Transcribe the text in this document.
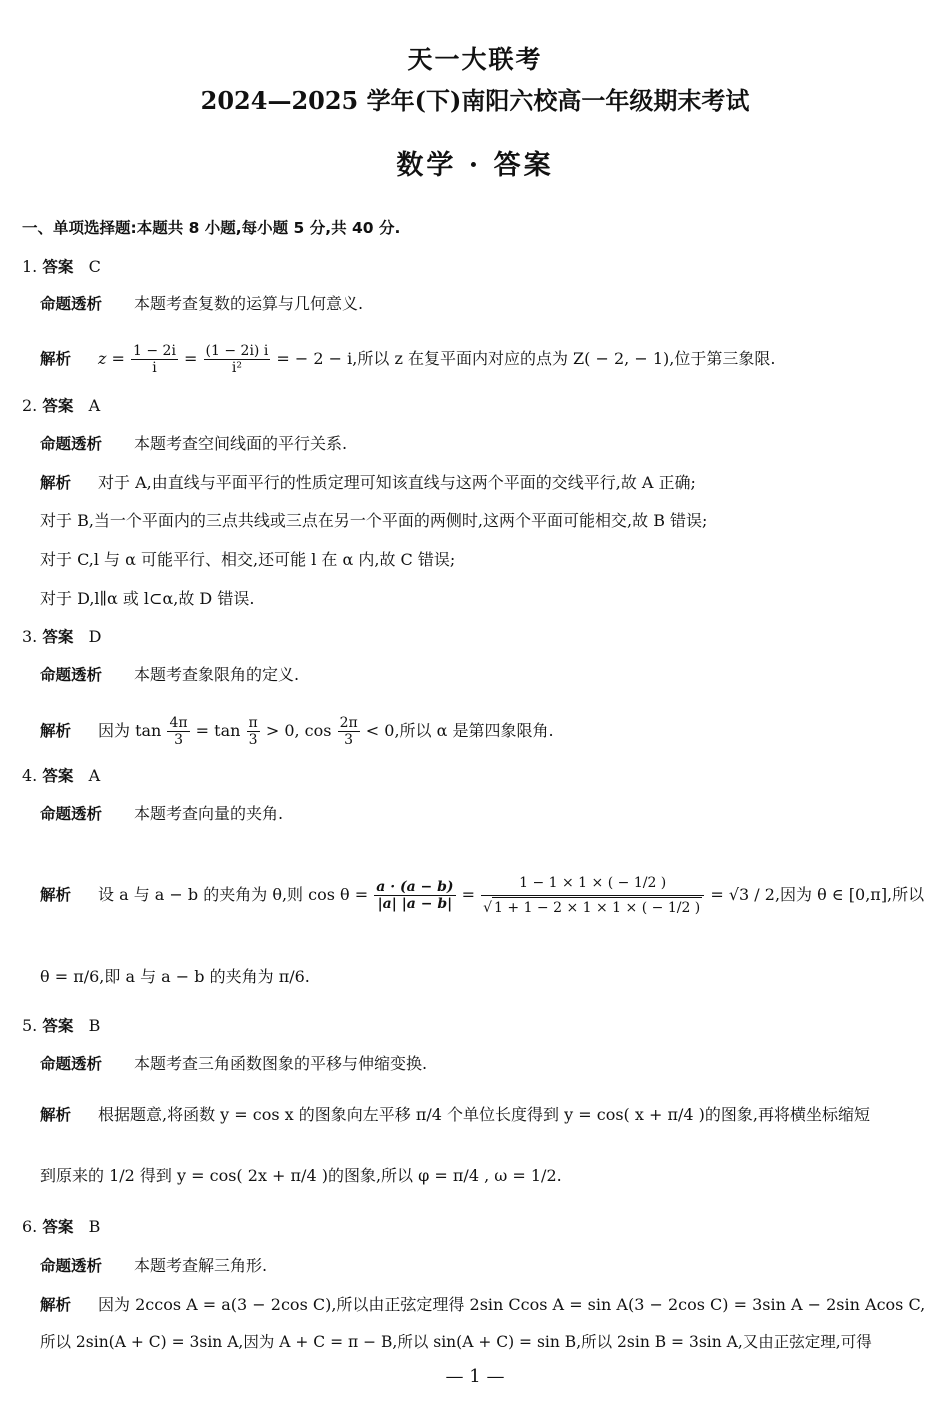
天一大联考
2024—2025 学年(下)南阳六校高一年级期末考试
数学 · 答案
一、单项选择题:本题共 8 小题,每小题 5 分,共 40 分.
1. 答案 C
命题透析 本题考查复数的运算与几何意义.
解析 $z = \frac{1 - 2i}{i} = \frac{(1 - 2i) i}{\text{i²}}$ = − 2 − i,所以 z 在复平面内对应的点为 Z( − 2, − 1),位于第三象限.
2. 答案 A
命题透析 本题考查空间线面的平行关系.
解析 对于 A,由直线与平面平行的性质定理可知该直线与这两个平面的交线平行,故 A 正确;
对于 B,当一个平面内的三点共线或三点在另一个平面的两侧时,这两个平面可能相交,故 B 错误;
对于 C,l 与 α 可能平行、相交,还可能 l 在 α 内,故 C 错误;
对于 D,l∥α 或 l⊂α,故 D 错误.
3. 答案 D
命题透析 本题考查象限角的定义.
解析 因为 $\tan \frac{4\pi}{3} = \tan \frac{\pi}{3} > 0$, $\cos \frac{2\pi}{3} < 0$,所以 α 是第四象限角.
4. 答案 A
命题透析 本题考查向量的夹角.
解析 设 a 与 a − b 的夹角为 θ,则 $\cos \theta = \frac{a \cdot (a - b)}{|a| |a - b|} = \frac{1 - 1 \times 1 \times ( - 1/2 )}{√ 1 + 1 - 2 \times 1 \times 1 \times ( - 1/2 )} = √3 / 2$,因为 θ ∈ [0,π],所以
θ = π/6,即 a 与 a − b 的夹角为 π/6.
5. 答案 B
命题透析 本题考查三角函数图象的平移与伸缩变换.
解析 根据题意,将函数 y = cos x 的图象向左平移 π/4 个单位长度得到 y = cos( x + π/4 )的图象,再将横坐标缩短
到原来的 1/2 得到 y = cos( 2x + π/4 )的图象,所以 φ = π/4 , ω = 1/2.
6. 答案 B
命题透析 本题考查解三角形.
解析 因为 2ccos A = a(3 − 2cos C),所以由正弦定理得 2sin Ccos A = sin A(3 − 2cos C) = 3sin A − 2sin Acos C,
所以 2sin(A + C) = 3sin A,因为 A + C = π − B,所以 sin(A + C) = sin B,所以 2sin B = 3sin A,又由正弦定理,可得
— 1 —
